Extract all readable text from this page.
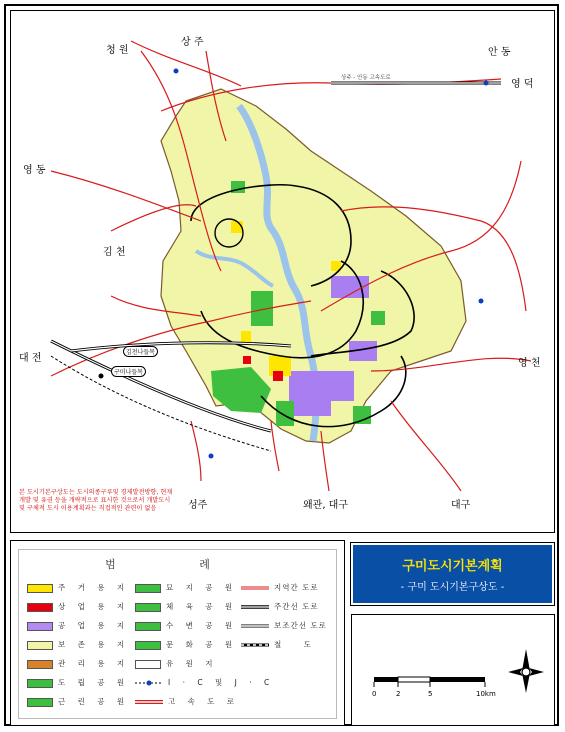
청 원
상 주
안 동
영 덕
영 동
김 천
대 전	영 천
성주	왜관, 대구	대구
김천나들목
구미나들목
상주 - 안동 고속도로
본 도시기본구상도는 도시의종구루및 경제발전방향, 현재 개발 및 유권 등을 개략적으로 표시한 것으로서 개발도시 및 구체적 도시 이용계획과는 직접적인 관련이 없음
범 례
주 거 용 지
상 업 용 지
공 업 용 지
보 존 용 지
관 리 용 지
도 립 공 원
근 린 공 원
묘 지 공 원
체 육 공 원
수 변 공 원
문 화 공 원
유 원 지
I · C 및 J · C
고 속 도 로
지역간 도로
주간선 도로
보조간선 도로
철 도
구미도시기본계획
- 구미 도시기본구상도 -
0	2	5	10km
